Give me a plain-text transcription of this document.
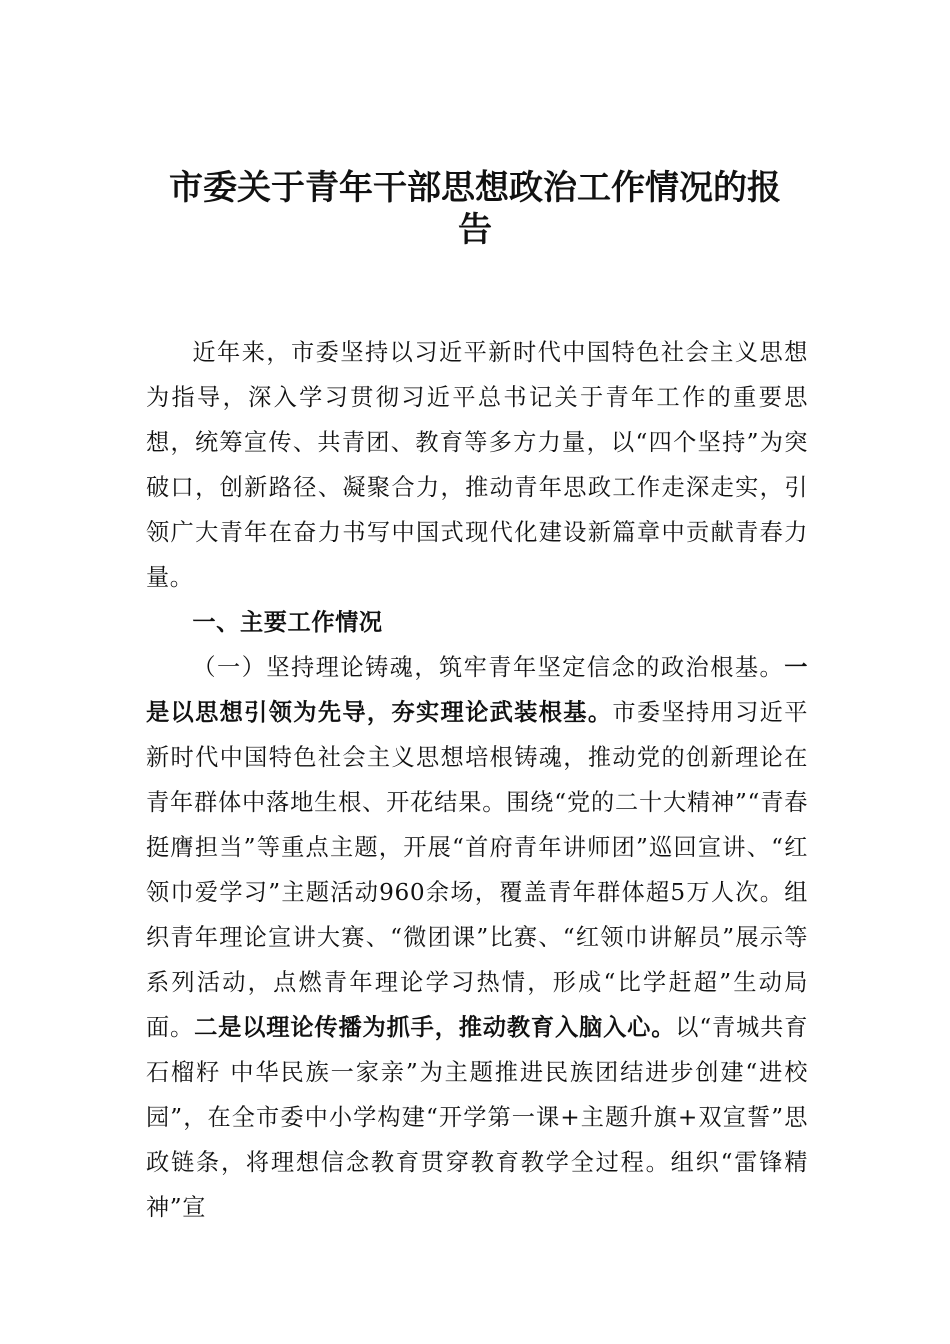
市委关于青年干部思想政治工作情况的报
告

近年来，市委坚持以习近平新时代中国特色社会主义思想为指导，深入学习贯彻习近平总书记关于青年工作的重要思想，统筹宣传、共青团、教育等多方力量，以“四个坚持”为突破口，创新路径、凝聚合力，推动青年思政工作走深走实，引领广大青年在奋力书写中国式现代化建设新篇章中贡献青春力量。

一、主要工作情况

（一）坚持理论铸魂，筑牢青年坚定信念的政治根基。一是以思想引领为先导，夯实理论武装根基。市委坚持用习近平新时代中国特色社会主义思想培根铸魂，推动党的创新理论在青年群体中落地生根、开花结果。围绕“党的二十大精神”“青春挺膺担当”等重点主题，开展“首府青年讲师团”巡回宣讲、“红领巾爱学习”主题活动960余场，覆盖青年群体超5万人次。组织青年理论宣讲大赛、“微团课”比赛、“红领巾讲解员”展示等系列活动，点燃青年理论学习热情，形成“比学赶超”生动局面。二是以理论传播为抓手，推动教育入脑入心。以“青城共育石榴籽 中华民族一家亲”为主题推进民族团结进步创建“进校园”，在全市委中小学构建“开学第一课+主题升旗+双宣誓”思政链条，将理想信念教育贯穿教育教学全过程。组织“雷锋精神”宣
